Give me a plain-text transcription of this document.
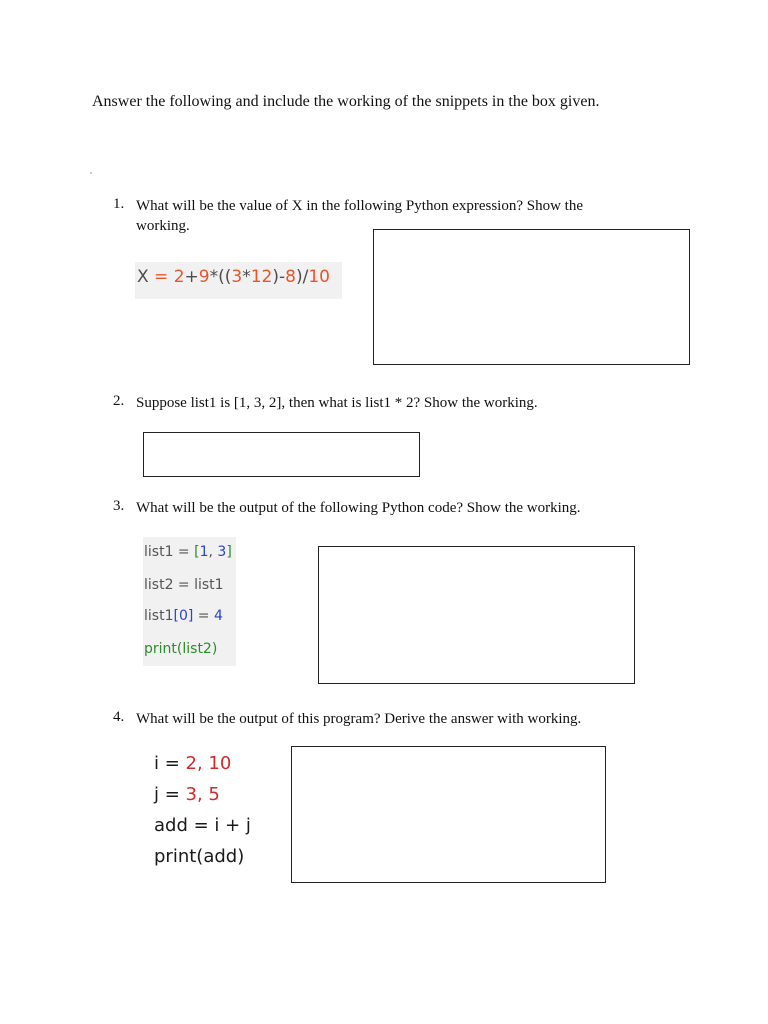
Answer the following and include the working of the snippets in the box given.
1. What will be the value of X in the following Python expression? Show the
working.
X = 2+9*((3*12)-8)/10
2. Suppose list1 is [1, 3, 2], then what is list1 * 2? Show the working.
3. What will be the output of the following Python code? Show the working.
list1 = [1, 3]
list2 = list1
list1[0] = 4
print(list2)
4. What will be the output of this program? Derive the answer with working.
i = 2, 10
j = 3, 5
add = i + j
print(add)
